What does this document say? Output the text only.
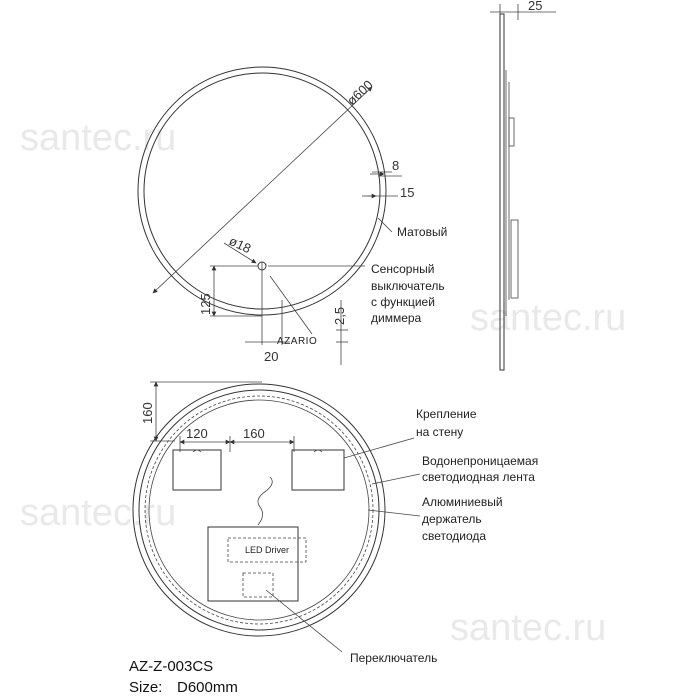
santec.ru
santec.ru
santec.ru
santec.ru
ø600
8
15
Матовый
ø18
Сенсорный
выключатель
с функцией
диммера
125
20
AZARIO
2,5
25
160
120	160
LED Driver
Крепление
на стену
Водонепроницаемая
светодиодная лента
Алюминиевый
держатель
светодиода
Переключатель
AZ-Z-003CS
Size: D600mm
